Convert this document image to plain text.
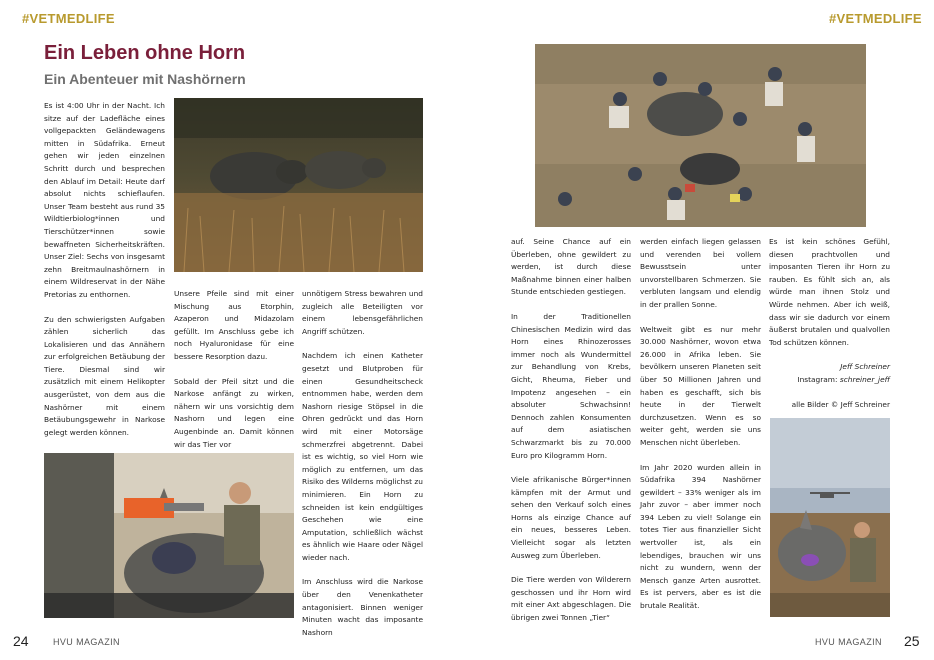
#VETMEDLIFE	#VETMEDLIFE
Ein Leben ohne Horn
Ein Abenteuer mit Nashörnern

Es ist 4:00 Uhr in der Nacht. Ich sitze auf der Ladefläche eines vollgepackten Geländewagens mitten in Südafrika. Erneut gehen wir jeden einzelnen Schritt durch und besprechen den Ablauf im Detail: Heute darf absolut nichts schieflaufen. Unser Team besteht aus rund 35 Wildtierbiolog*innen und Tierschützer*innen sowie bewaffneten Sicherheitskräften. Unser Ziel: Sechs von insgesamt zehn Breitmaulnashörnern in einem Wildreservat in der Nähe Pretorias zu enthornen.

Zu den schwierigsten Aufgaben zählen sicherlich das Lokalisieren und das Annähern zur erfolgreichen Betäubung der Tiere. Diesmal sind wir zusätzlich mit einem Helikopter ausgerüstet, von dem aus die Nashörner mit einem Betäubungsgewehr in Narkose gelegt werden können.

Unsere Pfeile sind mit einer Mischung aus Etorphin, Azaperon und Midazolam gefüllt. Im Anschluss gebe ich noch Hyaluronidase für eine bessere Resorption dazu.

Sobald der Pfeil sitzt und die Narkose anfängt zu wirken, nähern wir uns vorsichtig dem Nashorn und legen eine Augenbinde an. Damit können wir das Tier vor

unnötigem Stress bewahren und zugleich alle Beteiligten vor einem lebensgefährlichen Angriff schützen.

Nachdem ich einen Katheter gesetzt und Blutproben für einen Gesundheitscheck entnommen habe, werden dem Nashorn riesige Stöpsel in die Ohren gedrückt und das Horn wird mit einer Motorsäge schmerzfrei abgetrennt. Dabei ist es wichtig, so viel Horn wie möglich zu entfernen, um das Risiko des Wilderns möglichst zu minimieren. Ein Horn zu schneiden ist kein endgültiges Geschehen wie eine Amputation, schließlich wächst es ähnlich wie Haare oder Nägel wieder nach.

Im Anschluss wird die Narkose über den Venenkatheter antagonisiert. Binnen weniger Minuten wacht das imposante Nashorn

auf. Seine Chance auf ein Überleben, ohne gewildert zu werden, ist durch diese Maßnahme binnen einer halben Stunde entschieden gestiegen.

In der Traditionellen Chinesischen Medizin wird das Horn eines Rhinozerosses immer noch als Wundermittel zur Behandlung von Krebs, Gicht, Rheuma, Fieber und Impotenz angesehen – ein absoluter Schwachsinn! Dennoch zahlen Konsumenten auf dem asiatischen Schwarzmarkt bis zu 70.000 Euro pro Kilogramm Horn.

Viele afrikanische Bürger*innen kämpfen mit der Armut und sehen den Verkauf solch eines Horns als einzige Chance auf ein neues, besseres Leben. Vielleicht sogar als letzten Ausweg zum Überleben.

Die Tiere werden von Wilderern geschossen und ihr Horn wird mit einer Axt abgeschlagen. Die übrigen zwei Tonnen „Tier“

werden einfach liegen gelassen und verenden bei vollem Bewusstsein unter unvorstellbaren Schmerzen. Sie verbluten langsam und elendig in der prallen Sonne.

Weltweit gibt es nur mehr 30.000 Nashörner, wovon etwa 26.000 in Afrika leben. Sie bevölkern unseren Planeten seit über 50 Millionen Jahren und haben es geschafft, sich bis heute in der Tierwelt durchzusetzen. Wenn es so weiter geht, werden sie uns Menschen nicht überleben.

Im Jahr 2020 wurden allein in Südafrika 394 Nashörner gewildert – 33% weniger als im Jahr zuvor – aber immer noch 394 Leben zu viel! Solange ein totes Tier aus finanzieller Sicht wertvoller ist, als ein lebendiges, brauchen wir uns nicht zu wundern, wenn der Mensch ganze Arten ausrottet. Es ist pervers, aber es ist die brutale Realität.

Es ist kein schönes Gefühl, diesen prachtvollen und imposanten Tieren ihr Horn zu rauben. Es fühlt sich an, als würde man ihnen Stolz und Würde nehmen. Aber ich weiß, dass wir sie dadurch vor einem äußerst brutalen und qualvollen Tod schützen können.

Jeff Schreiner

Instagram: schreiner_jeff

alle Bilder © Jeff Schreiner

24	HVU MAGAZIN	HVU MAGAZIN 25
